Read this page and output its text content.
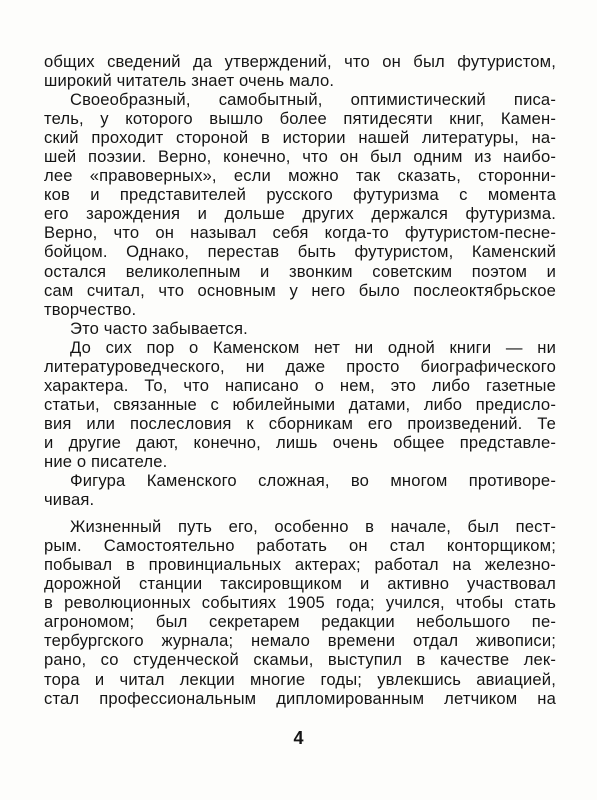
общих сведений да утверждений, что он был футуристом,
широкий читатель знает очень мало.

Своеобразный, самобытный, оптимистический писа-
тель, у которого вышло более пятидесяти книг, Камен-
ский проходит стороной в истории нашей литературы, на-
шей поэзии. Верно, конечно, что он был одним из наибо-
лее «правоверных», если можно так сказать, сторонни-
ков и представителей русского футуризма с момента
его зарождения и дольше других держался футуризма.
Верно, что он называл себя когда-то футуристом-песне-
бойцом. Однако, перестав быть футуристом, Каменский
остался великолепным и звонким советским поэтом и
сам считал, что основным у него было послеоктябрьское
творчество.

Это часто забывается.

До сих пор о Каменском нет ни одной книги — ни
литературоведческого, ни даже просто биографического
характера. То, что написано о нем, это либо газетные
статьи, связанные с юбилейными датами, либо предисло-
вия или послесловия к сборникам его произведений. Те
и другие дают, конечно, лишь очень общее представле-
ние о писателе.

Фигура Каменского сложная, во многом противоре-
чивая.

Жизненный путь его, особенно в начале, был пест-
рым. Самостоятельно работать он стал конторщиком;
побывал в провинциальных актерах; работал на железно-
дорожной станции таксировщиком и активно участвовал
в революционных событиях 1905 года; учился, чтобы стать
агрономом; был секретарем редакции небольшого пе-
тербургского журнала; немало времени отдал живописи;
рано, со студенческой скамьи, выступил в качестве лек-
тора и читал лекции многие годы; увлекшись авиацией,
стал профессиональным дипломированным летчиком на

4
